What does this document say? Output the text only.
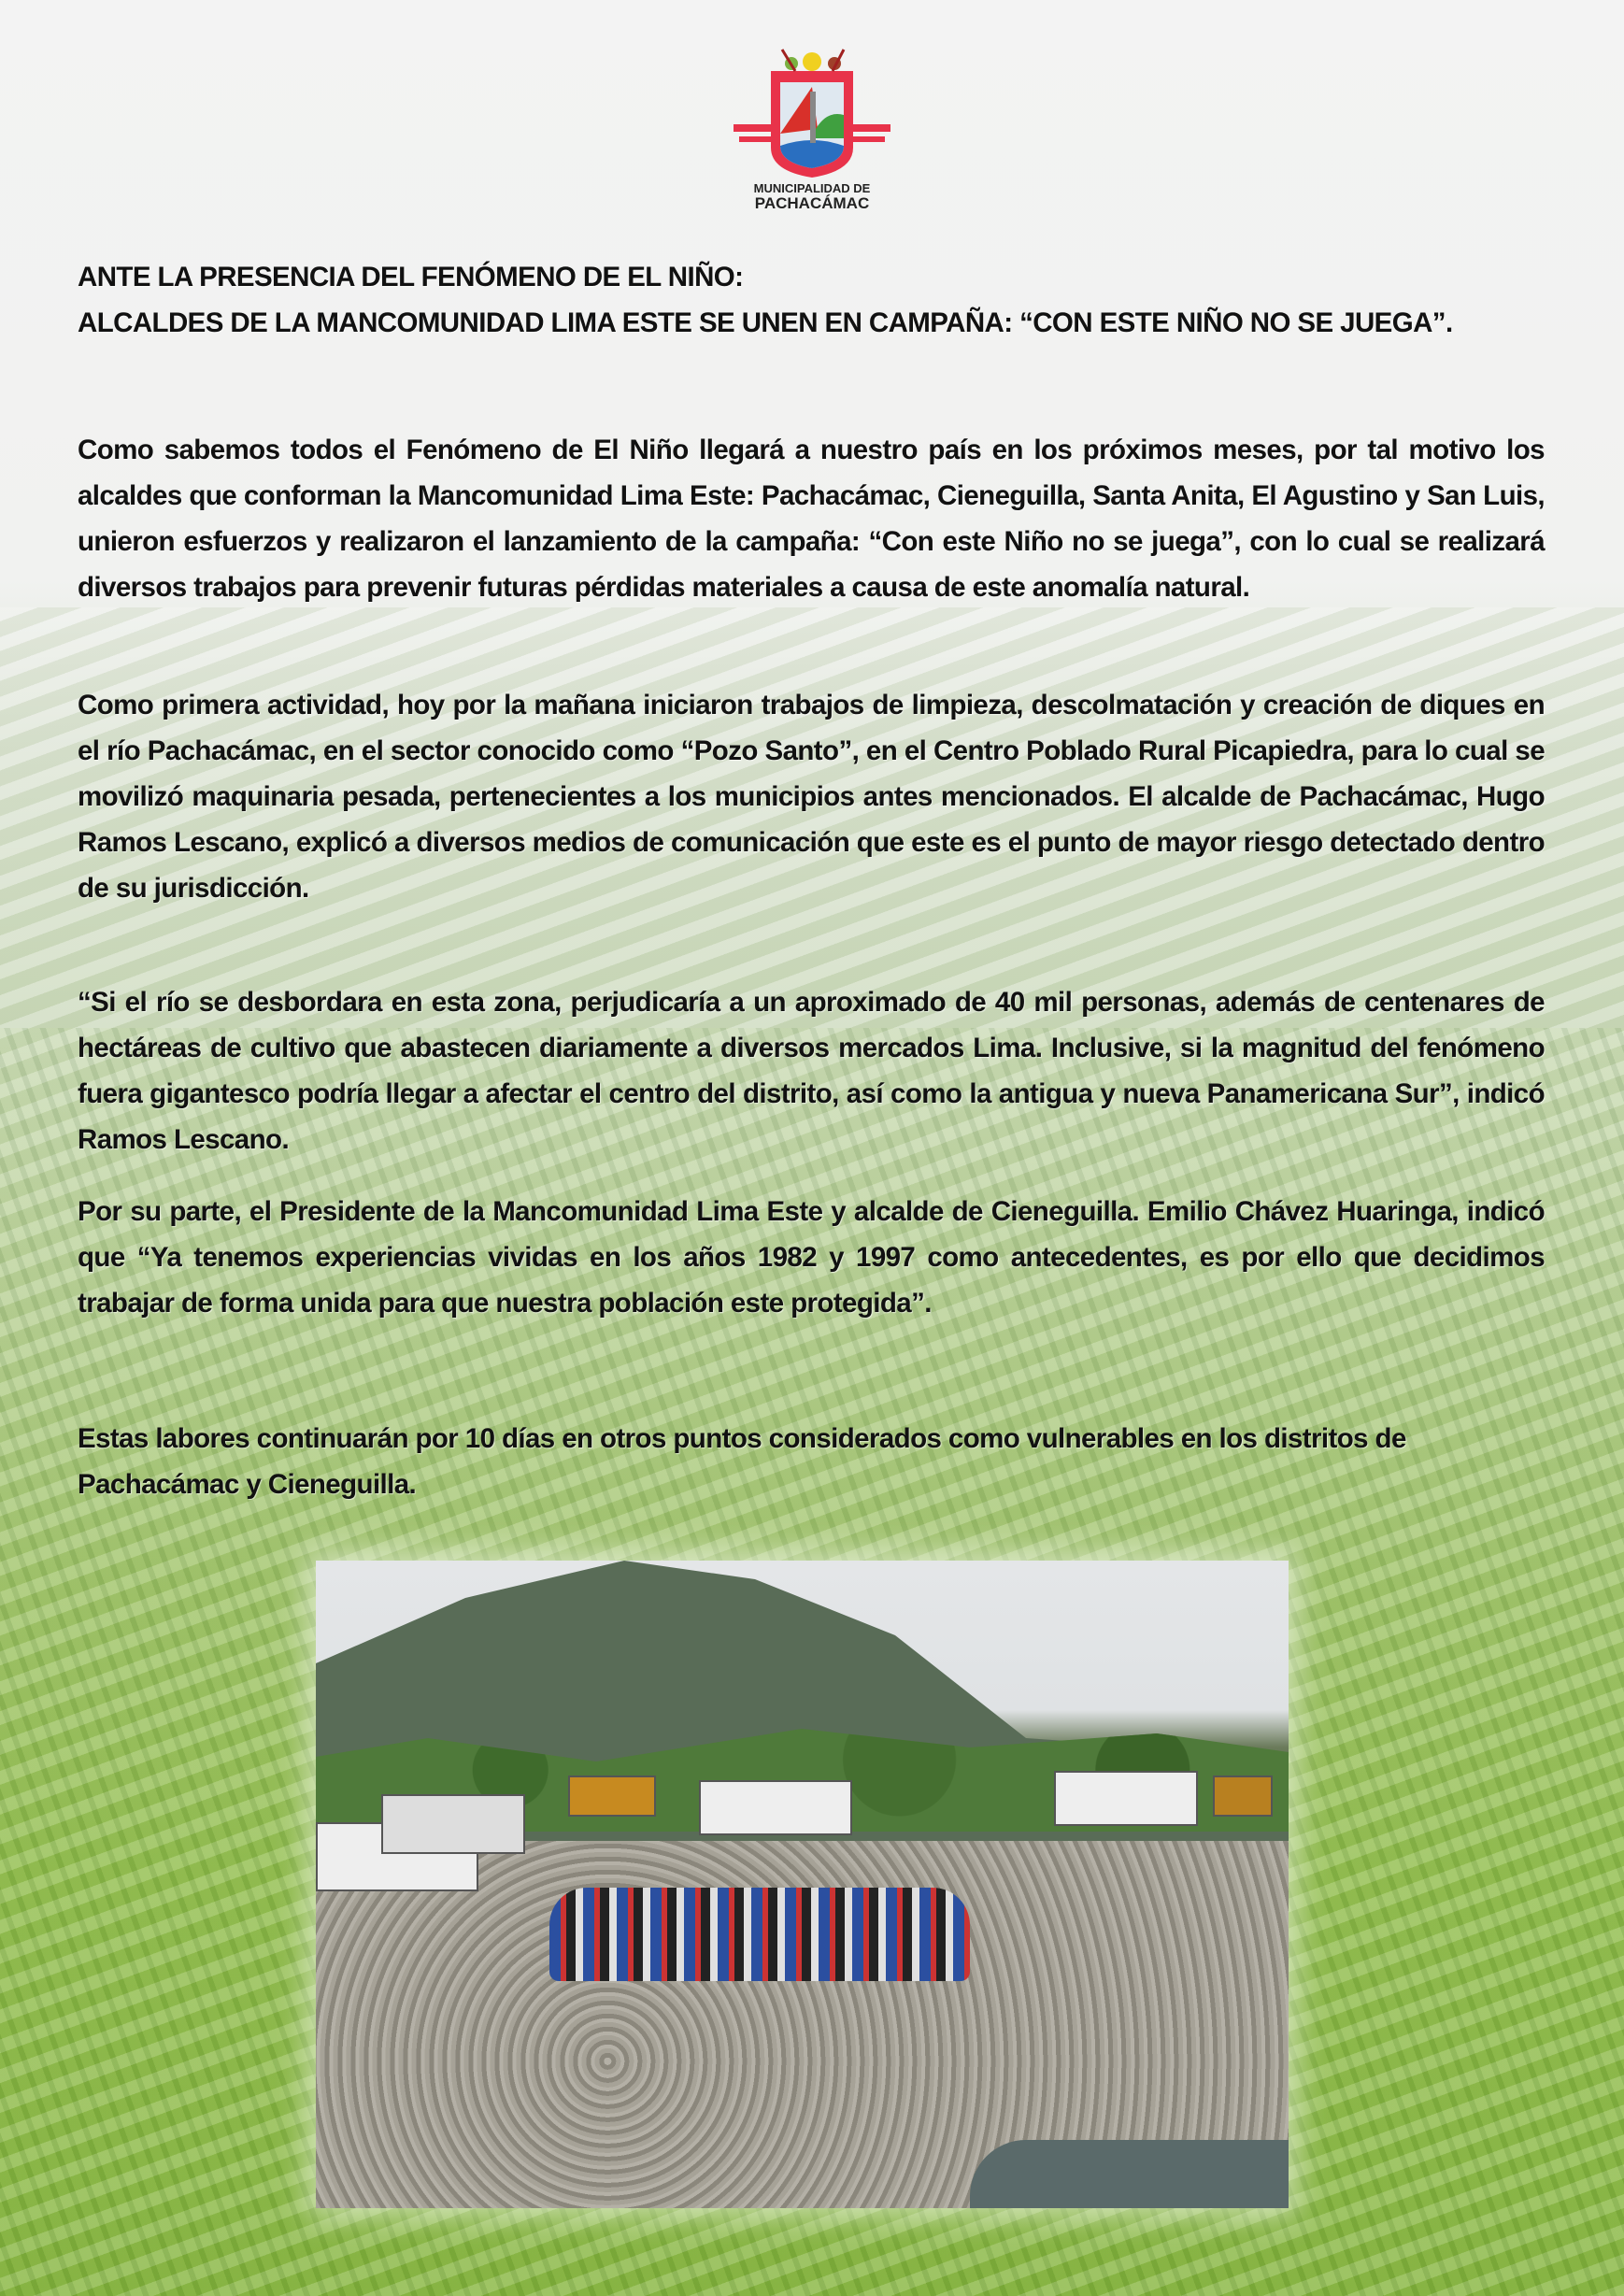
MUNICIPALIDAD DE
PACHACÁMAC

ANTE LA PRESENCIA DEL FENÓMENO DE EL NIÑO:

ALCALDES DE LA MANCOMUNIDAD LIMA ESTE SE UNEN EN CAMPAÑA: “CON ESTE NIÑO NO SE JUEGA”.

Como sabemos todos el Fenómeno de El Niño llegará a nuestro país en los próximos meses, por tal motivo los alcaldes que conforman la Mancomunidad Lima Este: Pachacámac, Cieneguilla, Santa Anita, El Agustino y San Luis, unieron esfuerzos y realizaron el lanzamiento de la campaña: “Con este Niño no se juega”, con lo cual se realizará diversos trabajos para prevenir futuras pérdidas materiales a causa de este anomalía natural.

Como primera actividad, hoy por la mañana iniciaron trabajos de limpieza, descolmatación y creación de diques en el río Pachacámac, en el sector conocido como “Pozo Santo”, en el Centro Poblado Rural Picapiedra, para lo cual se movilizó maquinaria pesada, pertenecientes a los municipios antes mencionados. El alcalde de Pachacámac, Hugo Ramos Lescano, explicó a diversos medios de comunicación que este es el punto de mayor riesgo detectado dentro de su jurisdicción.

“Si el río se desbordara en esta zona, perjudicaría a un aproximado de 40 mil personas, además de centenares de hectáreas de cultivo que abastecen diariamente a diversos mercados Lima. Inclusive, si la magnitud del fenómeno fuera gigantesco podría llegar a afectar el centro del distrito, así como la antigua y nueva Panamericana Sur”, indicó Ramos Lescano.

Por su parte, el Presidente de la Mancomunidad Lima Este y alcalde de Cieneguilla. Emilio Chávez Huaringa, indicó que “Ya tenemos experiencias vividas en los años 1982 y 1997 como antecedentes, es por ello que decidimos trabajar de forma unida para que nuestra población este protegida”.

Estas labores continuarán por 10 días en otros puntos considerados como vulnerables en los distritos de Pachacámac y Cieneguilla.
